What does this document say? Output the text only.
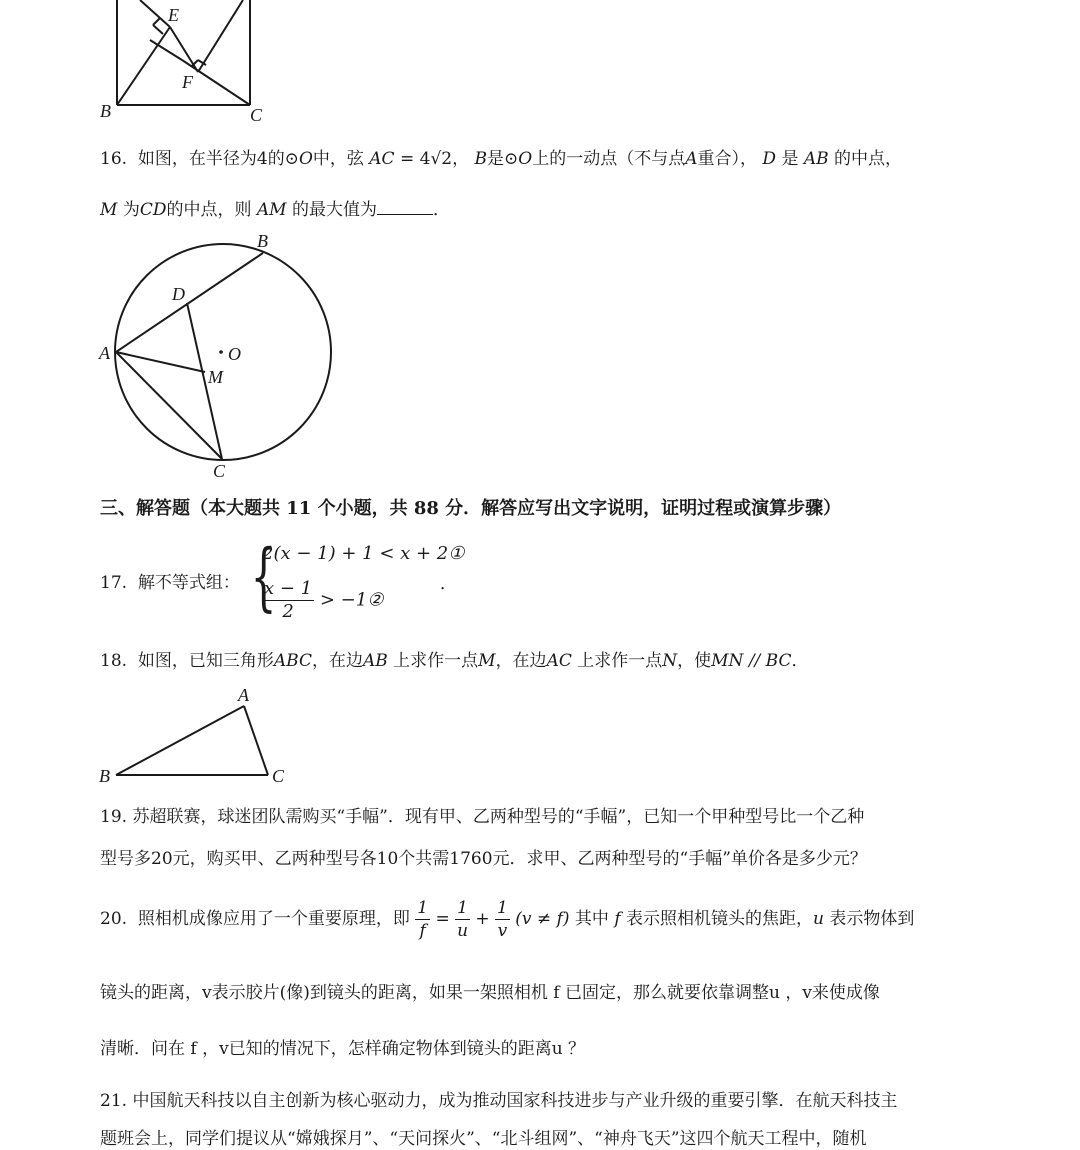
E
F
B	C
16. 如图，在半径为4的⊙O中，弦 AC = 4√2， B是⊙O上的一动点（不与点A重合）， D 是 AB 的中点，
M 为CD的中点，则 AM 的最大值为	．
B
D
A	O
M
C
三、解答题（本大题共 11 个小题，共 88 分．解答应写出文字说明，证明过程或演算步骤）
17. 解不等式组： {
2(x − 1) + 1 < x + 2①
$\frac{x - 1}{2}$ > −1②
．
18. 如图，已知三角形ABC，在边AB 上求作一点M，在边AC 上求作一点N，使MN // BC．
A
B	C
19. 苏超联赛，球迷团队需购买“手幅”．现有甲、乙两种型号的“手幅”，已知一个甲种型号比一个乙种
型号多20元，购买甲、乙两种型号各10个共需1760元．求甲、乙两种型号的“手幅”单价各是多少元？
20. 照相机成像应用了一个重要原理，即 $\frac{1}{f} = \frac{1}{u} + \frac{1}{v} (v \ne f)$ 其中 f 表示照相机镜头的焦距，u 表示物体到
镜头的距离，v表示胶片(像)到镜头的距离，如果一架照相机 f 已固定，那么就要依靠调整u ，v来使成像
清晰．问在 f ，v已知的情况下，怎样确定物体到镜头的距离u ？
21. 中国航天科技以自主创新为核心驱动力，成为推动国家科技进步与产业升级的重要引擎．在航天科技主
题班会上，同学们提议从“嫦娥探月”、“天问探火”、“北斗组网”、“神舟飞天”这四个航天工程中，随机
